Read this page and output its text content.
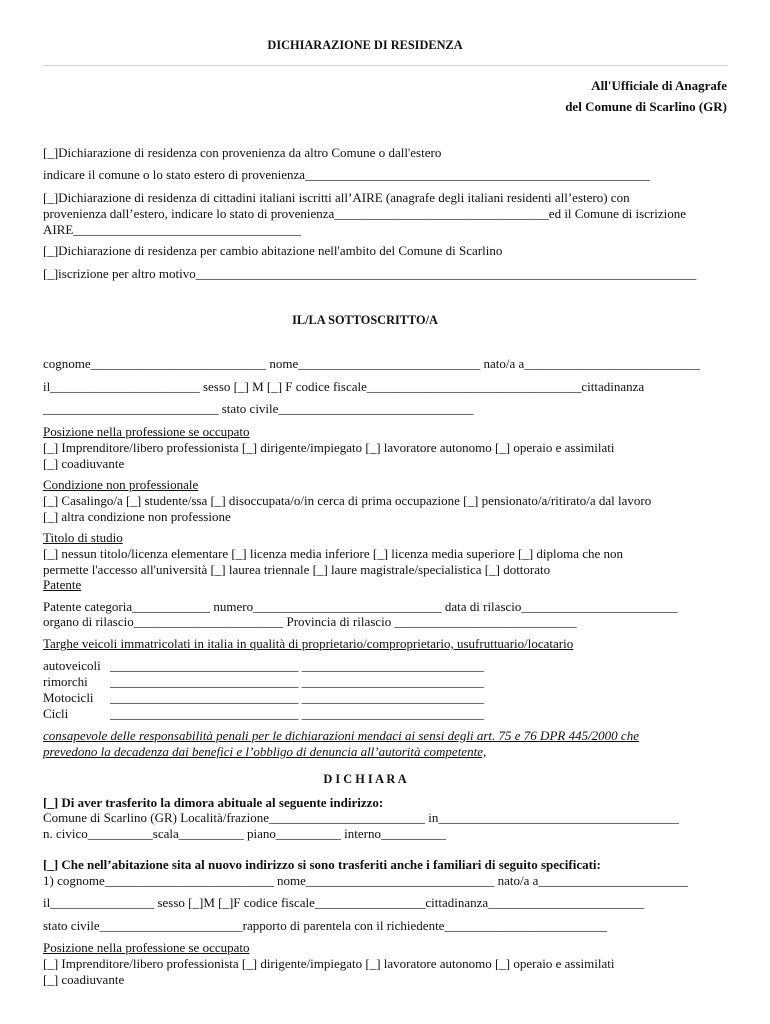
DICHIARAZIONE DI RESIDENZA
All'Ufficiale di Anagrafe
del Comune di Scarlino (GR)
[_]Dichiarazione di residenza con provenienza da altro Comune o dall'estero
indicare il comune o lo stato estero di provenienza_____________________________________________________
[_]Dichiarazione di residenza di cittadini italiani iscritti all’AIRE (anagrafe degli italiani residenti all’estero) con
provenienza dall’estero, indicare lo stato di provenienza_________________________________ed il Comune di iscrizione
AIRE___________________________________
[_]Dichiarazione di residenza per cambio abitazione nell'ambito del Comune di Scarlino
[_]iscrizione per altro motivo_____________________________________________________________________________
IL/LA SOTTOSCRITTO/A
cognome___________________________ nome____________________________ nato/a a___________________________
il_______________________ sesso [_] M [_] F codice fiscale_________________________________cittadinanza
___________________________ stato civile______________________________
Posizione nella professione se occupato
[_] Imprenditore/libero professionista [_] dirigente/impiegato [_] lavoratore autonomo [_] operaio e assimilati
[_] coadiuvante
Condizione non professionale
[_] Casalingo/a [_] studente/ssa [_] disoccupata/o/in cerca di prima occupazione [_] pensionato/a/ritirato/a dal lavoro
[_] altra condizione non professione
Titolo di studio
[_] nessun titolo/licenza elementare [_] licenza media inferiore [_] licenza media superiore [_] diploma che non
permette l'accesso all'università [_] laurea triennale [_] laure magistrale/specialistica [_] dottorato
Patente
Patente categoria____________ numero_____________________________ data di rilascio________________________
organo di rilascio_______________________ Provincia di rilascio ____________________________
Targhe veicoli immatricolati in italia in qualità di proprietario/comproprietario, usufruttuario/locatario
autoveicoli _____________________________ ____________________________
rimorchi _____________________________ ____________________________
Motocicli _____________________________ ____________________________
Cicli	_____________________________ ____________________________
consapevole delle responsabilità penali per le dichiarazioni mendaci ai sensi degli art. 75 e 76 DPR 445/2000 che
prevedono la decadenza dai benefici e l’obbligo di denuncia all’autorità competente,
D I C H I A R A
[_] Di aver trasferito la dimora abituale al seguente indirizzo:
Comune di Scarlino (GR) Località/frazione________________________ in_____________________________________
n. civico__________scala__________ piano__________ interno__________
[_] Che nell’abitazione sita al nuovo indirizzo si sono trasferiti anche i familiari di seguito specificati:
1) cognome__________________________ nome_____________________________ nato/a a_______________________
il________________ sesso [_]M [_]F codice fiscale_________________cittadinanza________________________
stato civile______________________rapporto di parentela con il richiedente_________________________
Posizione nella professione se occupato
[_] Imprenditore/libero professionista [_] dirigente/impiegato [_] lavoratore autonomo [_] operaio e assimilati
[_] coadiuvante
